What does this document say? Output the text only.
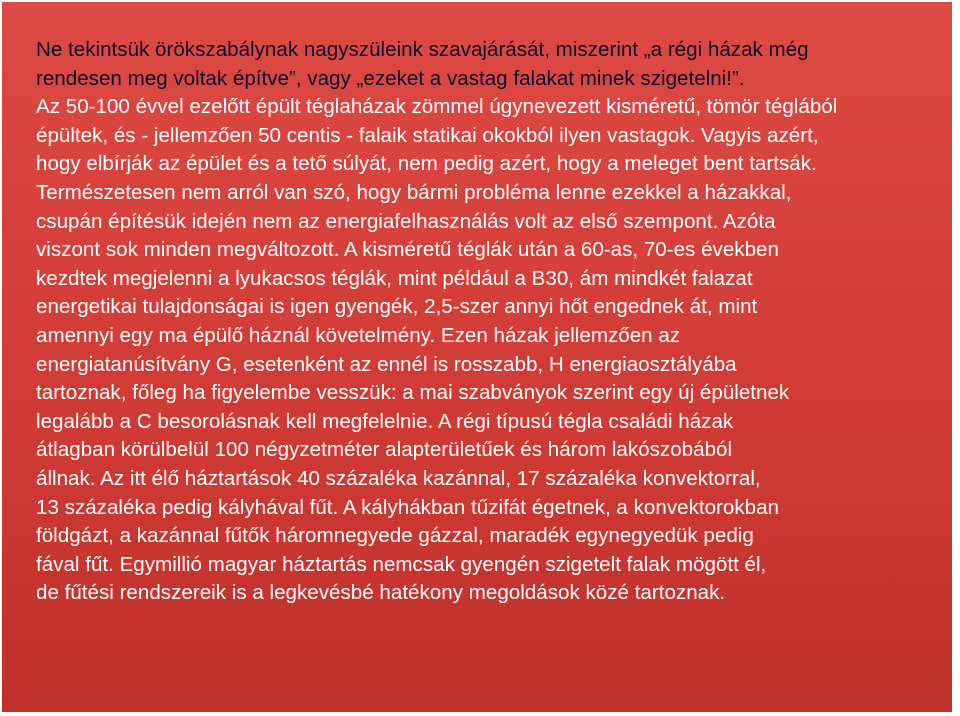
Ne tekintsük örökszabálynak nagyszüleink szavajárását, miszerint „a régi házak még
rendesen meg voltak építve”, vagy „ezeket a vastag falakat minek szigetelni!”.
Az 50-100 évvel ezelőtt épült téglaházak zömmel úgynevezett kisméretű, tömör téglából
épültek, és - jellemzően 50 centis - falaik statikai okokból ilyen vastagok. Vagyis azért,
hogy elbírják az épület és a tető súlyát, nem pedig azért, hogy a meleget bent tartsák.
Természetesen nem arról van szó, hogy bármi probléma lenne ezekkel a házakkal,
csupán építésük idején nem az energiafelhasználás volt az első szempont. Azóta
viszont sok minden megváltozott. A kisméretű téglák után a 60-as, 70-es években
kezdtek megjelenni a lyukacsos téglák, mint például a B30, ám mindkét falazat
energetikai tulajdonságai is igen gyengék, 2,5-szer annyi hőt engednek át, mint
amennyi egy ma épülő háznál követelmény. Ezen házak jellemzően az
energiatanúsítvány G, esetenként az ennél is rosszabb, H energiaosztályába
tartoznak, főleg ha figyelembe vesszük: a mai szabványok szerint egy új épületnek
legalább a C besorolásnak kell megfelelnie. A régi típusú tégla családi házak
átlagban körülbelül 100 négyzetméter alapterületűek és három lakószobából
állnak. Az itt élő háztartások 40 százaléka kazánnal, 17 százaléka konvektorral,
13 százaléka pedig kályhával fűt. A kályhákban tűzifát égetnek, a konvektorokban
földgázt, a kazánnal fűtők háromnegyede gázzal, maradék egynegyedük pedig
fával fűt. Egymillió magyar háztartás nemcsak gyengén szigetelt falak mögött él,
de fűtési rendszereik is a legkevésbé hatékony megoldások közé tartoznak.
